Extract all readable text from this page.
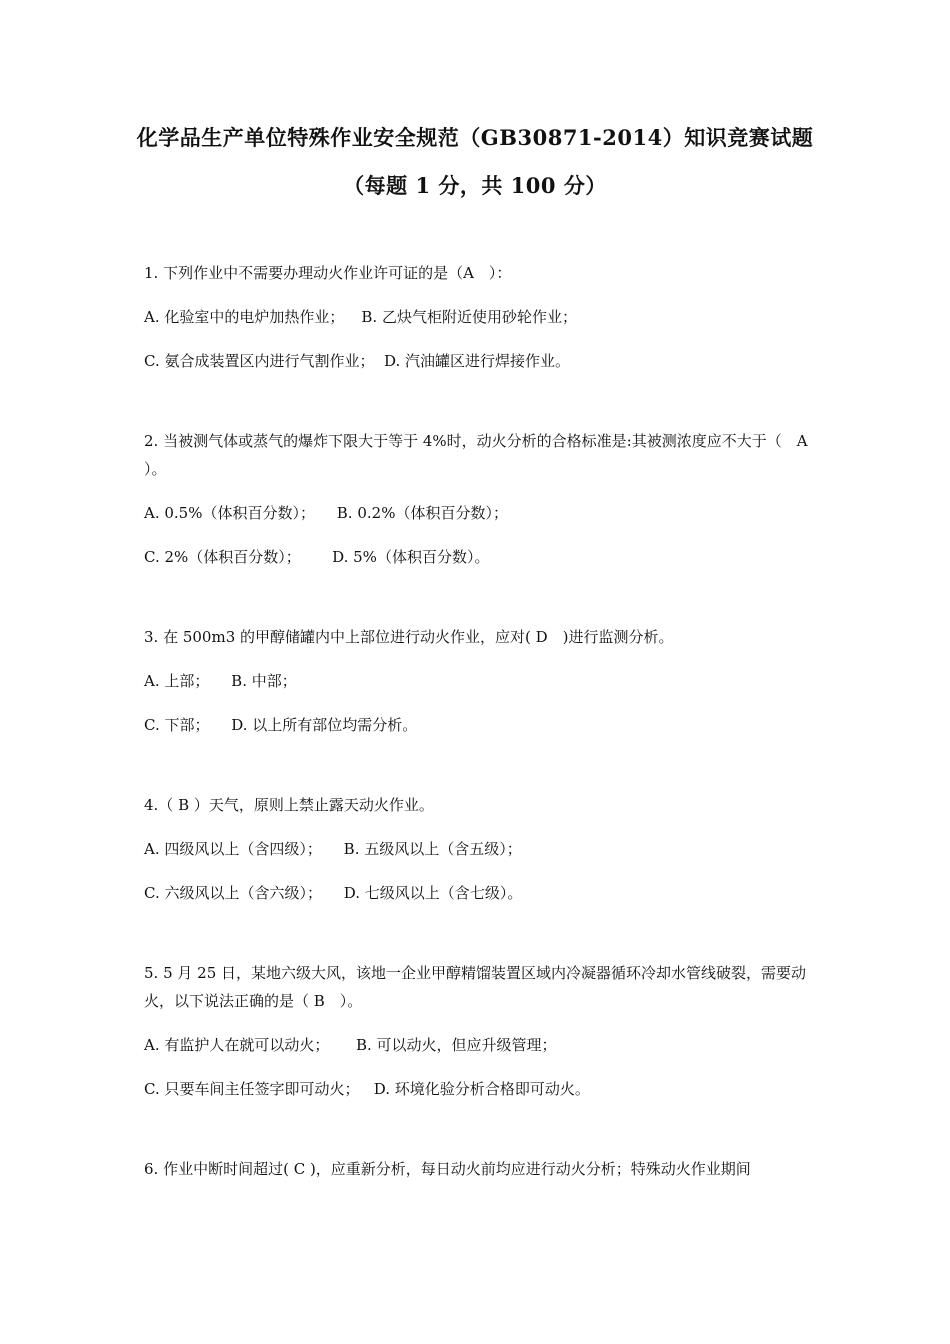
化学品生产单位特殊作业安全规范（GB30871-2014）知识竞赛试题
（每题 1 分，共 100 分）

1. 下列作业中不需要办理动火作业许可证的是（A　）：

A. 化验室中的电炉加热作业；　  B. 乙炔气柜附近使用砂轮作业；

C. 氨合成装置区内进行气割作业；  D. 汽油罐区进行焊接作业。

2. 当被测气体或蒸气的爆炸下限大于等于 4%时，动火分析的合格标准是:其被测浓度应不大于（　A ）。

A. 0.5%（体积百分数）；　   B. 0.2%（体积百分数）；

C. 2%（体积百分数）；　     D. 5%（体积百分数）。

3. 在 500m3 的甲醇储罐内中上部位进行动火作业，应对( D　)进行监测分析。

A. 上部；　   B. 中部；

C. 下部；　   D. 以上所有部位均需分析。

4.（ B ）天气，原则上禁止露天动火作业。

A. 四级风以上（含四级）；　   B. 五级风以上（含五级）；

C. 六级风以上（含六级）；　   D. 七级风以上（含七级）。

5. 5 月 25 日，某地六级大风，该地一企业甲醇精馏装置区域内冷凝器循环冷却水管线破裂，需要动火，以下说法正确的是（ B　）。

A. 有监护人在就可以动火；　    B. 可以动火，但应升级管理；

C. 只要车间主任签字即可动火；   D. 环境化验分析合格即可动火。

6. 作业中断时间超过( C )，应重新分析，每日动火前均应进行动火分析；特殊动火作业期间
